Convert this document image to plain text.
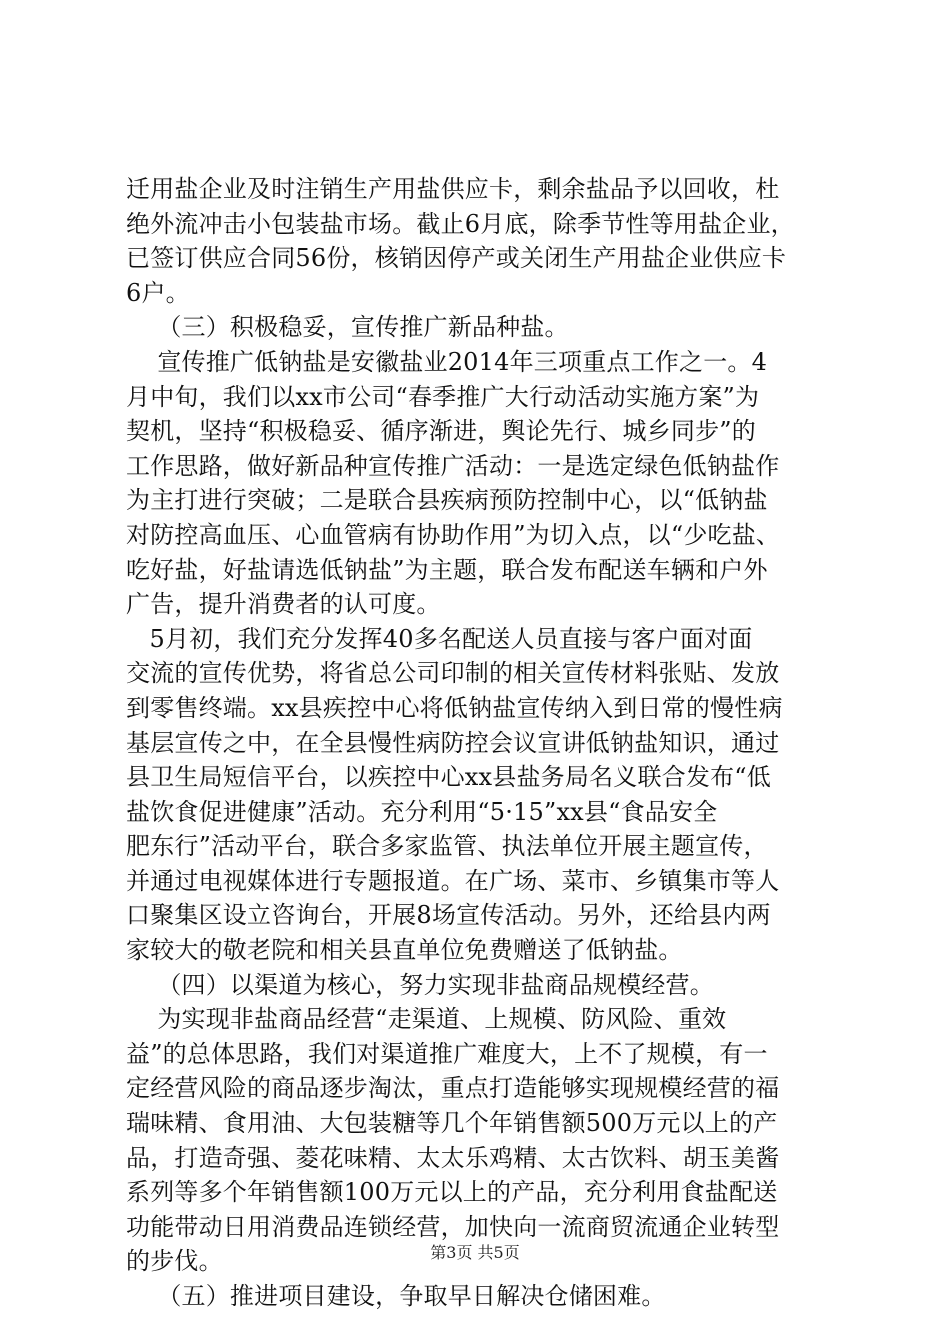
迁用盐企业及时注销生产用盐供应卡，剩余盐品予以回收，杜
绝外流冲击小包装盐市场。截止6月底，除季节性等用盐企业，
已签订供应合同56份，核销因停产或关闭生产用盐企业供应卡
6户。
（三）积极稳妥，宣传推广新品种盐。
宣传推广低钠盐是安徽盐业2014年三项重点工作之一。4
月中旬，我们以xx市公司“春季推广大行动活动实施方案”为
契机，坚持“积极稳妥、循序渐进，舆论先行、城乡同步”的
工作思路，做好新品种宣传推广活动：一是选定绿色低钠盐作
为主打进行突破；二是联合县疾病预防控制中心，以“低钠盐
对防控高血压、心血管病有协助作用”为切入点，以“少吃盐、
吃好盐，好盐请选低钠盐”为主题，联合发布配送车辆和户外
广告，提升消费者的认可度。
5月初，我们充分发挥40多名配送人员直接与客户面对面
交流的宣传优势，将省总公司印制的相关宣传材料张贴、发放
到零售终端。xx县疾控中心将低钠盐宣传纳入到日常的慢性病
基层宣传之中，在全县慢性病防控会议宣讲低钠盐知识，通过
县卫生局短信平台，以疾控中心xx县盐务局名义联合发布“低
盐饮食促进健康”活动。充分利用“5·15”xx县“食品安全
肥东行”活动平台，联合多家监管、执法单位开展主题宣传，
并通过电视媒体进行专题报道。在广场、菜市、乡镇集市等人
口聚集区设立咨询台，开展8场宣传活动。另外，还给县内两
家较大的敬老院和相关县直单位免费赠送了低钠盐。
（四）以渠道为核心，努力实现非盐商品规模经营。
为实现非盐商品经营“走渠道、上规模、防风险、重效
益”的总体思路，我们对渠道推广难度大，上不了规模，有一
定经营风险的商品逐步淘汰，重点打造能够实现规模经营的福
瑞味精、食用油、大包装糖等几个年销售额500万元以上的产
品，打造奇强、菱花味精、太太乐鸡精、太古饮料、胡玉美酱
系列等多个年销售额100万元以上的产品，充分利用食盐配送
功能带动日用消费品连锁经营，加快向一流商贸流通企业转型
的步伐。
（五）推进项目建设，争取早日解决仓储困难。
第3页 共5页
